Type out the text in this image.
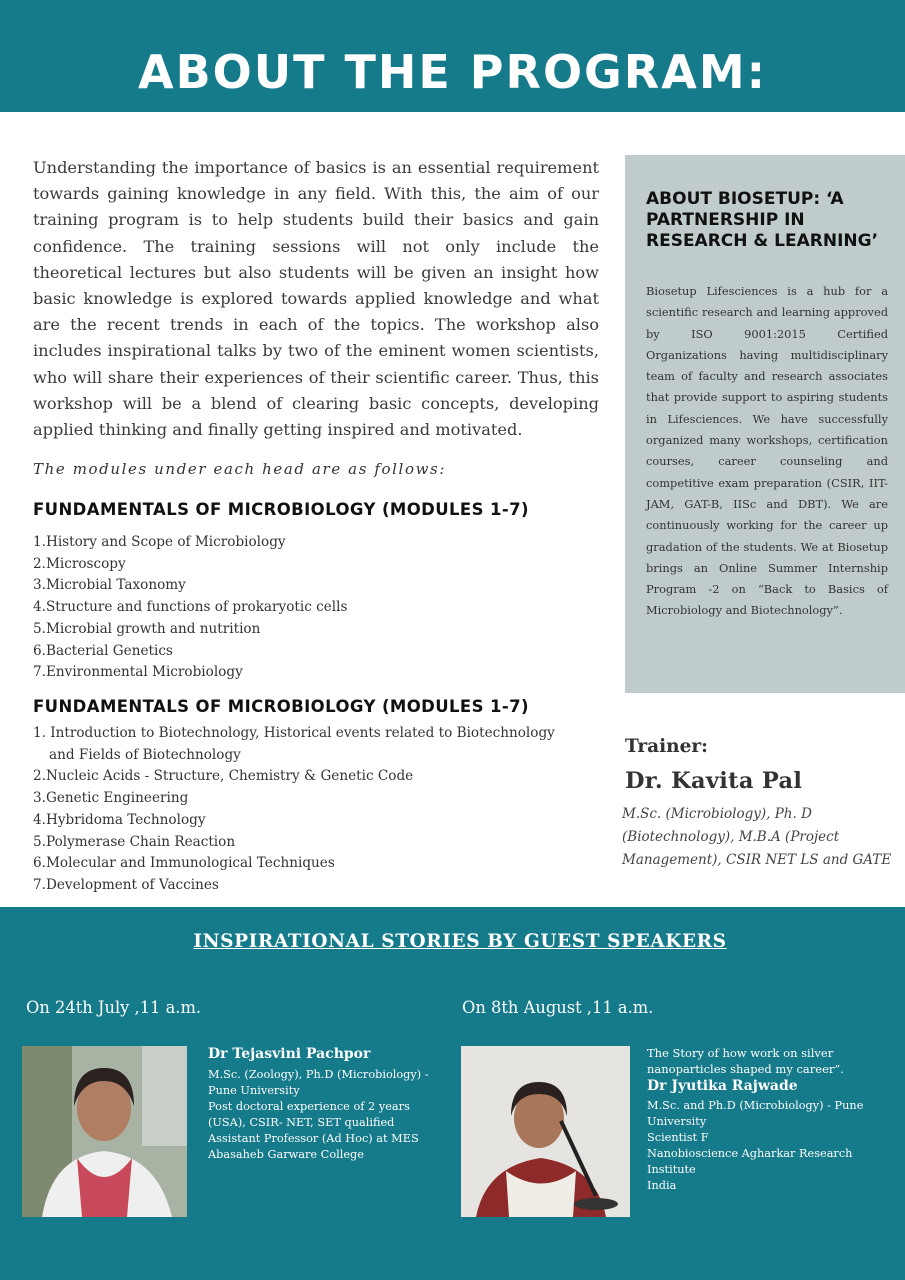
ABOUT THE PROGRAM:

Understanding the importance of basics is an essential requirement towards gaining knowledge in any field. With this, the aim of our training program is to help students build their basics and gain confidence. The training sessions will not only include the theoretical lectures but also students will be given an insight how basic knowledge is explored towards applied knowledge and what are the recent trends in each of the topics. The workshop also includes inspirational talks by two of the eminent women scientists, who will share their experiences of their scientific career. Thus, this workshop will be a blend of clearing basic concepts, developing applied thinking and finally getting inspired and motivated.

The modules under each head are as follows:

FUNDAMENTALS OF MICROBIOLOGY (MODULES 1-7)
1.History and Scope of Microbiology
2.Microscopy
3.Microbial Taxonomy
4.Structure and functions of prokaryotic cells
5.Microbial growth and nutrition
6.Bacterial Genetics
7.Environmental Microbiology
FUNDAMENTALS OF MICROBIOLOGY (MODULES 1-7)
1. Introduction to Biotechnology, Historical events related to Biotechnology and Fields of Biotechnology
2.Nucleic Acids - Structure, Chemistry & Genetic Code
3.Genetic Engineering
4.Hybridoma Technology
5.Polymerase Chain Reaction
6.Molecular and Immunological Techniques
7.Development of Vaccines
ABOUT BIOSETUP: ‘A PARTNERSHIP IN RESEARCH & LEARNING’

Biosetup Lifesciences is a hub for a scientific research and learning approved by ISO 9001:2015 Certified Organizations having multidisciplinary team of faculty and research associates that provide support to aspiring students in Lifesciences. We have successfully organized many workshops, certification courses, career counseling and competitive exam preparation (CSIR, IIT-JAM, GAT-B, IISc and DBT). We are continuously working for the career up gradation of the students. We at Biosetup brings an Online Summer Internship Program -2 on “Back to Basics of Microbiology and Biotechnology”.

Trainer:

Dr. Kavita Pal

M.Sc. (Microbiology), Ph. D (Biotechnology), M.B.A (Project Management), CSIR NET LS and GATE

INSPIRATIONAL STORIES BY GUEST SPEAKERS

On 24th July ,11 a.m.

Dr Tejasvini Pachpor

M.Sc. (Zoology), Ph.D (Microbiology) -
Pune University
Post doctoral experience of 2 years
(USA), CSIR- NET, SET qualified
Assistant Professor (Ad Hoc) at MES
Abasaheb Garware College

On 8th August ,11 a.m.

The Story of how work on silver nanoparticles shaped my career”.

Dr Jyutika Rajwade

M.Sc. and Ph.D (Microbiology) - Pune
University
Scientist F
Nanobioscience Agharkar Research
Institute
India
